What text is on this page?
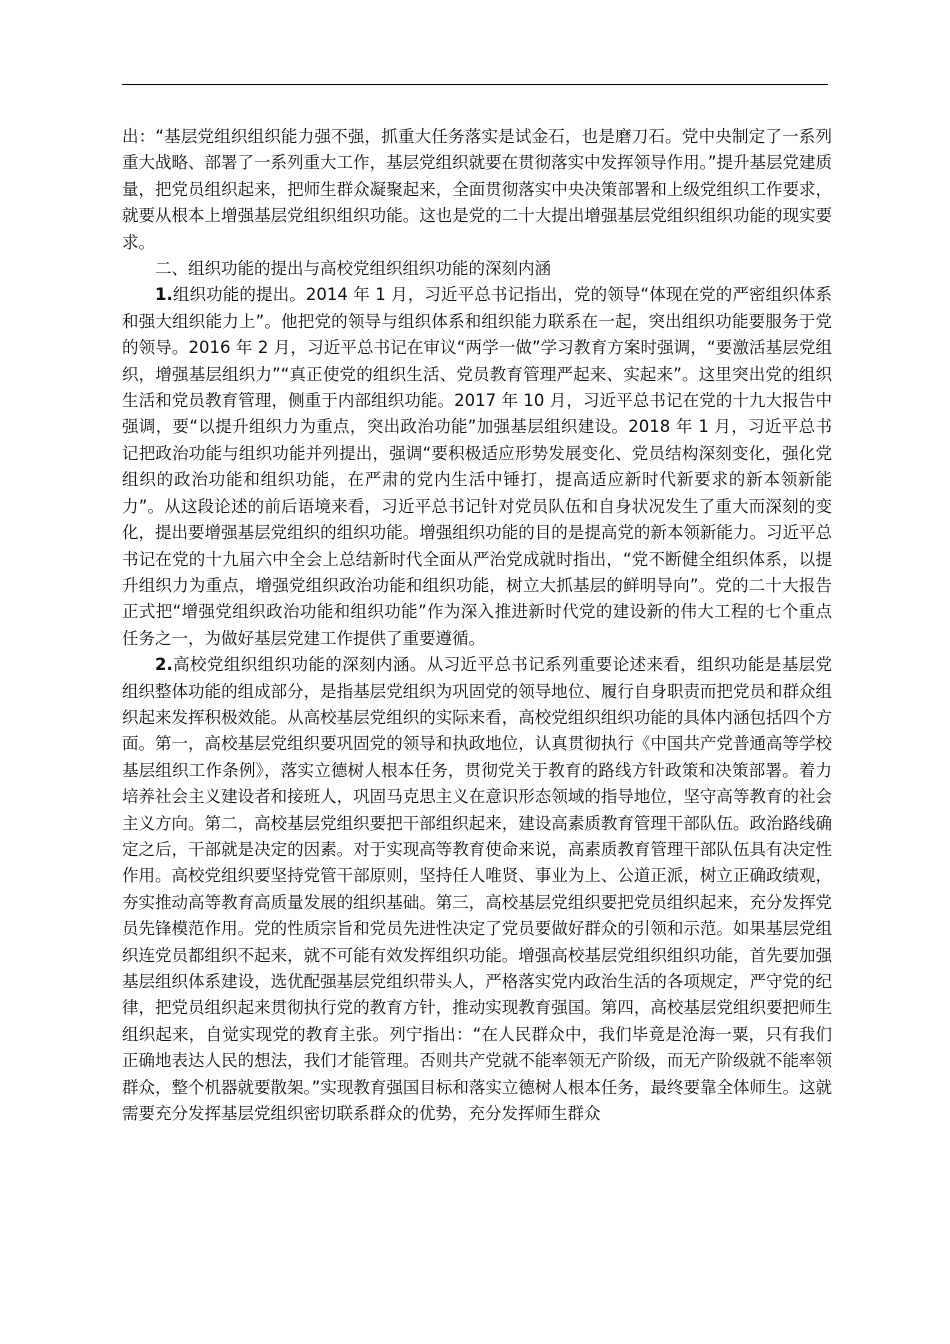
出：“基层党组织组织能力强不强，抓重大任务落实是试金石，也是磨刀石。党中央制定了一系列重大战略、部署了一系列重大工作，基层党组织就要在贯彻落实中发挥领导作用。”提升基层党建质量，把党员组织起来，把师生群众凝聚起来，全面贯彻落实中央决策部署和上级党组织工作要求，就要从根本上增强基层党组织组织功能。这也是党的二十大提出增强基层党组织组织功能的现实要求。

二、组织功能的提出与高校党组织组织功能的深刻内涵

1.组织功能的提出。2014 年 1 月，习近平总书记指出，党的领导“体现在党的严密组织体系和强大组织能力上”。他把党的领导与组织体系和组织能力联系在一起，突出组织功能要服务于党的领导。2016 年 2 月，习近平总书记在审议“两学一做”学习教育方案时强调，“要激活基层党组织，增强基层组织力”“真正使党的组织生活、党员教育管理严起来、实起来”。这里突出党的组织生活和党员教育管理，侧重于内部组织功能。2017 年 10 月，习近平总书记在党的十九大报告中强调，要“以提升组织力为重点，突出政治功能”加强基层组织建设。2018 年 1 月，习近平总书记把政治功能与组织功能并列提出，强调“要积极适应形势发展变化、党员结构深刻变化，强化党组织的政治功能和组织功能，在严肃的党内生活中锤打，提高适应新时代新要求的新本领新能力”。从这段论述的前后语境来看，习近平总书记针对党员队伍和自身状况发生了重大而深刻的变化，提出要增强基层党组织的组织功能。增强组织功能的目的是提高党的新本领新能力。习近平总书记在党的十九届六中全会上总结新时代全面从严治党成就时指出，“党不断健全组织体系，以提升组织力为重点，增强党组织政治功能和组织功能，树立大抓基层的鲜明导向”。党的二十大报告正式把“增强党组织政治功能和组织功能”作为深入推进新时代党的建设新的伟大工程的七个重点任务之一，为做好基层党建工作提供了重要遵循。

2.高校党组织组织功能的深刻内涵。从习近平总书记系列重要论述来看，组织功能是基层党组织整体功能的组成部分，是指基层党组织为巩固党的领导地位、履行自身职责而把党员和群众组织起来发挥积极效能。从高校基层党组织的实际来看，高校党组织组织功能的具体内涵包括四个方面。第一，高校基层党组织要巩固党的领导和执政地位，认真贯彻执行《中国共产党普通高等学校基层组织工作条例》，落实立德树人根本任务，贯彻党关于教育的路线方针政策和决策部署。着力培养社会主义建设者和接班人，巩固马克思主义在意识形态领域的指导地位，坚守高等教育的社会主义方向。第二，高校基层党组织要把干部组织起来，建设高素质教育管理干部队伍。政治路线确定之后，干部就是决定的因素。对于实现高等教育使命来说，高素质教育管理干部队伍具有决定性作用。高校党组织要坚持党管干部原则，坚持任人唯贤、事业为上、公道正派，树立正确政绩观，夯实推动高等教育高质量发展的组织基础。第三，高校基层党组织要把党员组织起来，充分发挥党员先锋模范作用。党的性质宗旨和党员先进性决定了党员要做好群众的引领和示范。如果基层党组织连党员都组织不起来，就不可能有效发挥组织功能。增强高校基层党组织组织功能，首先要加强基层组织体系建设，选优配强基层党组织带头人，严格落实党内政治生活的各项规定，严守党的纪律，把党员组织起来贯彻执行党的教育方针，推动实现教育强国。第四，高校基层党组织要把师生组织起来，自觉实现党的教育主张。列宁指出：“在人民群众中，我们毕竟是沧海一粟，只有我们正确地表达人民的想法，我们才能管理。否则共产党就不能率领无产阶级，而无产阶级就不能率领群众，整个机器就要散架。”实现教育强国目标和落实立德树人根本任务，最终要靠全体师生。这就需要充分发挥基层党组织密切联系群众的优势，充分发挥师生群众
